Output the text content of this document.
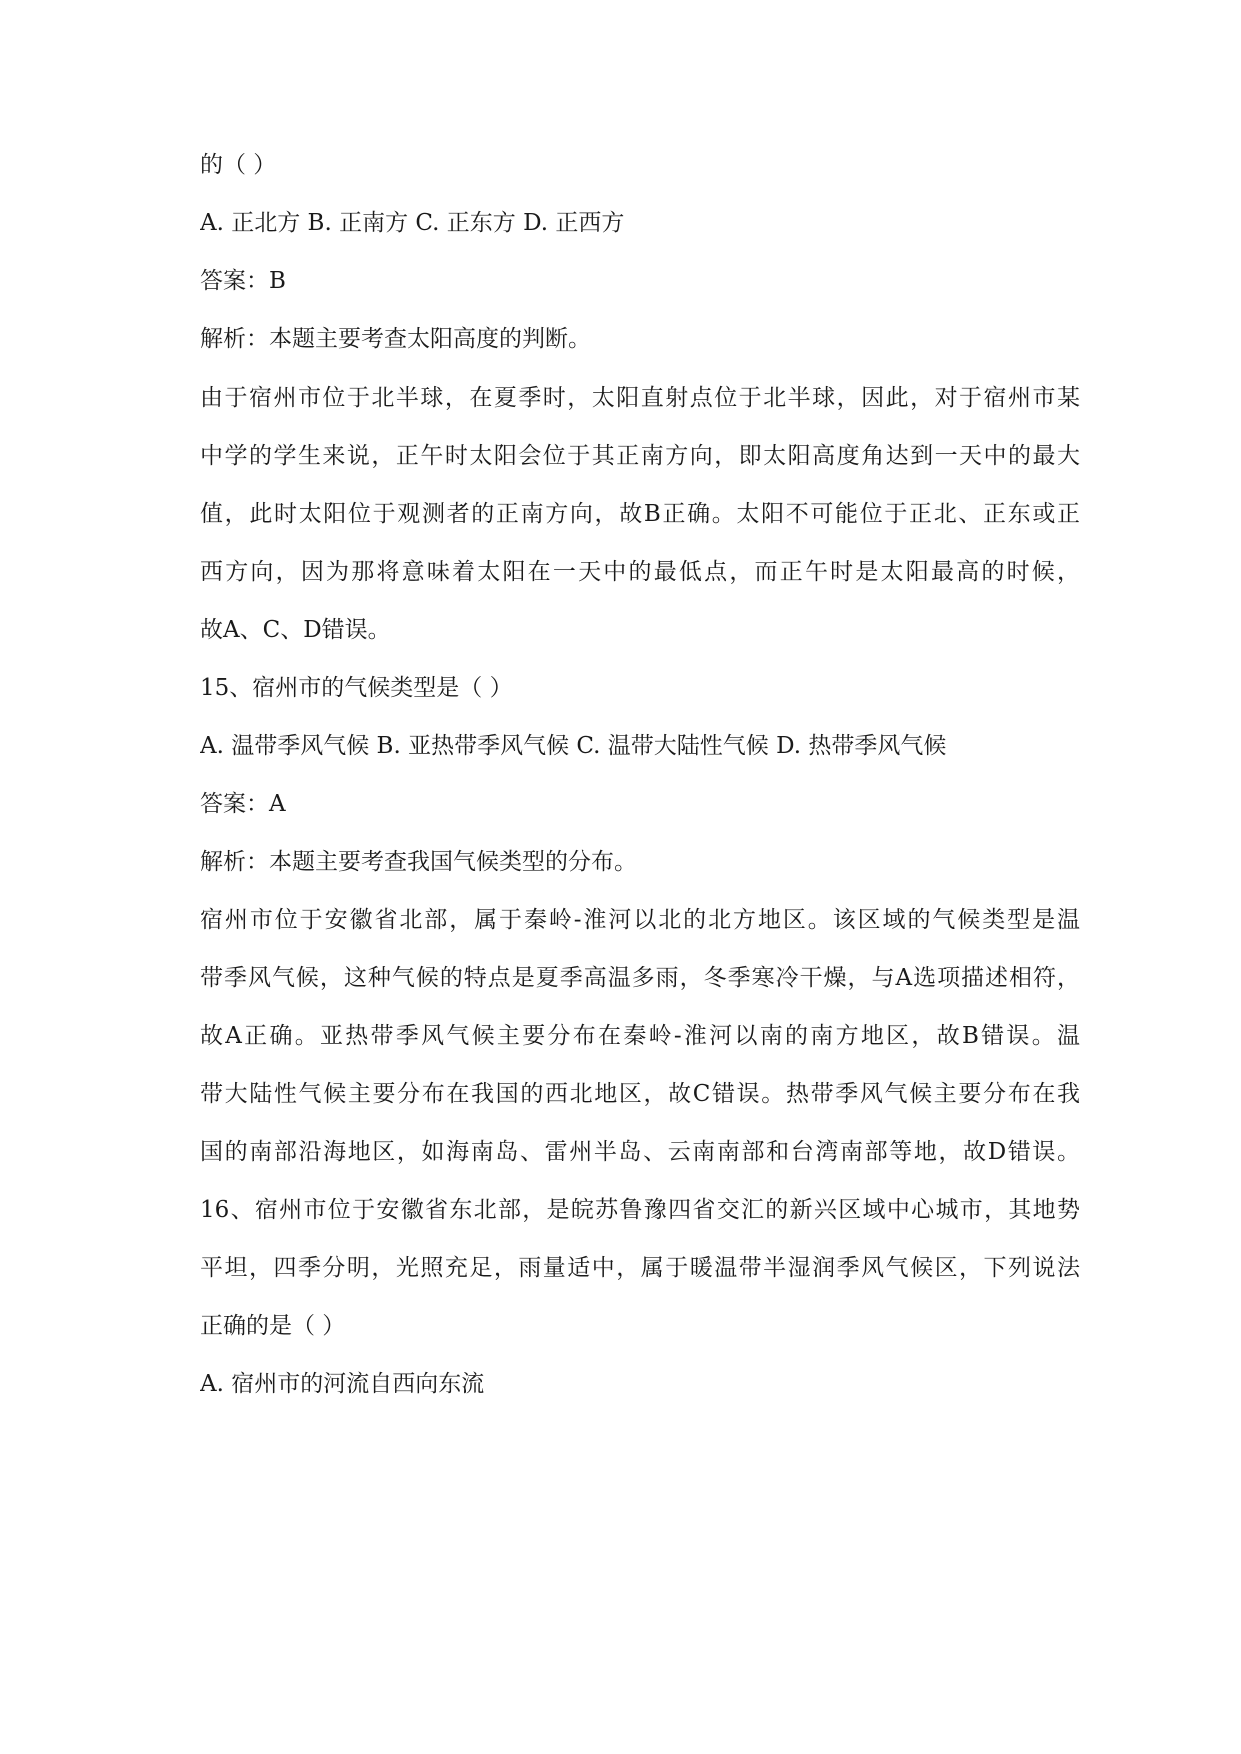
的（ ）
A. 正北方 B. 正南方 C. 正东方 D. 正西方
答案：B
解析：本题主要考查太阳高度的判断。
由于宿州市位于北半球，在夏季时，太阳直射点位于北半球，因此，对于宿州市某
中学的学生来说，正午时太阳会位于其正南方向，即太阳高度角达到一天中的最大
值，此时太阳位于观测者的正南方向，故B正确。太阳不可能位于正北、正东或正
西方向，因为那将意味着太阳在一天中的最低点，而正午时是太阳最高的时候，
故A、C、D错误。
15、宿州市的气候类型是（ ）
A. 温带季风气候 B. 亚热带季风气候 C. 温带大陆性气候 D. 热带季风气候
答案：A
解析：本题主要考查我国气候类型的分布。
宿州市位于安徽省北部，属于秦岭-淮河以北的北方地区。该区域的气候类型是温
带季风气候，这种气候的特点是夏季高温多雨，冬季寒冷干燥，与A选项描述相符，
故A正确。亚热带季风气候主要分布在秦岭-淮河以南的南方地区，故B错误。温
带大陆性气候主要分布在我国的西北地区，故C错误。热带季风气候主要分布在我
国的南部沿海地区，如海南岛、雷州半岛、云南南部和台湾南部等地，故D错误。
16、宿州市位于安徽省东北部，是皖苏鲁豫四省交汇的新兴区域中心城市，其地势
平坦，四季分明，光照充足，雨量适中，属于暖温带半湿润季风气候区，下列说法
正确的是（ ）
A. 宿州市的河流自西向东流
